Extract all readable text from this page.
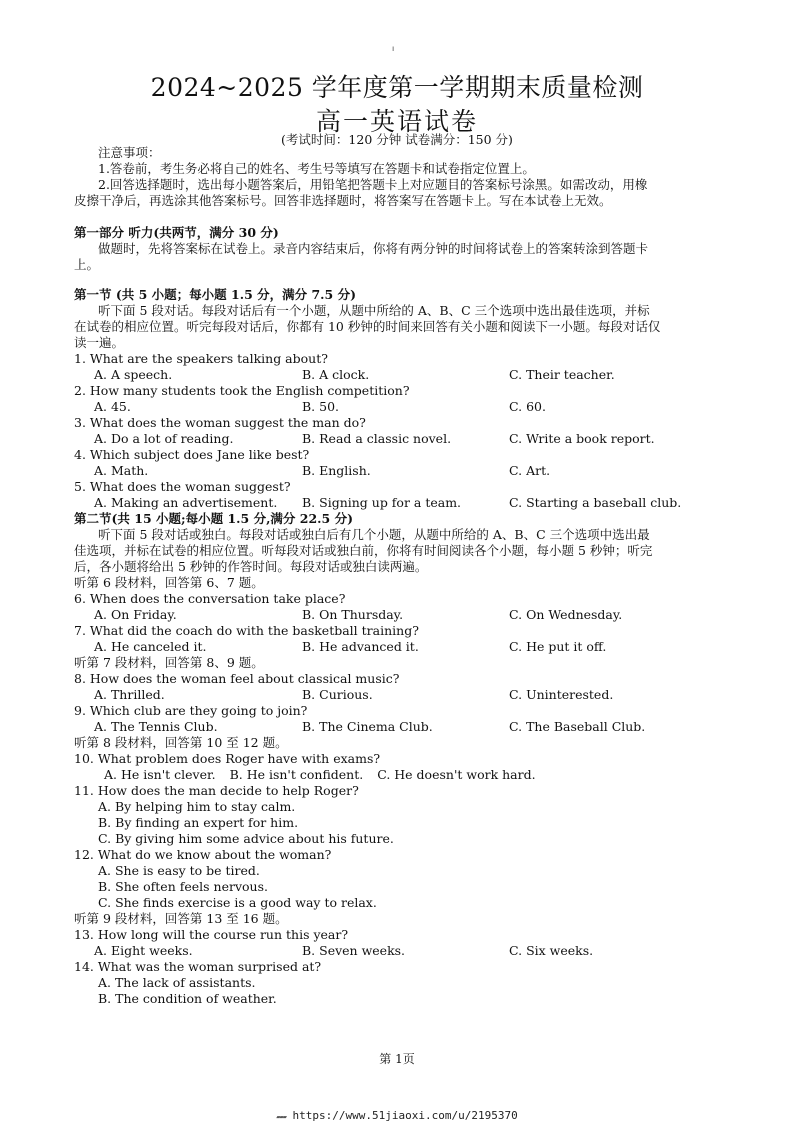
ı
2024~2025 学年度第一学期期末质量检测
高一英语试卷
(考试时间：120 分钟 试卷满分：150 分)
注意事项：
1.答卷前，考生务必将自己的姓名、考生号等填写在答题卡和试卷指定位置上。
2.回答选择题时，选出每小题答案后，用铅笔把答题卡上对应题目的答案标号涂黑。如需改动，用橡
皮擦干净后，再选涂其他答案标号。回答非选择题时，将答案写在答题卡上。写在本试卷上无效。
第一部分 听力(共两节，满分 30 分)
做题时，先将答案标在试卷上。录音内容结束后，你将有两分钟的时间将试卷上的答案转涂到答题卡
上。
第一节 (共 5 小题；每小题 1.5 分，满分 7.5 分)
听下面 5 段对话。每段对话后有一个小题，从题中所给的 A、B、C 三个选项中选出最佳选项，并标
在试卷的相应位置。听完每段对话后，你都有 10 秒钟的时间来回答有关小题和阅读下一小题。每段对话仅
读一遍。
1. What are the speakers talking about?
A. A speech.	B. A clock.	C. Their teacher.
2. How many students took the English competition?
A. 45.	B. 50.	C. 60.
3. What does the woman suggest the man do?
A. Do a lot of reading.	B. Read a classic novel.	C. Write a book report.
4. Which subject does Jane like best?
A. Math.	B. English.	C. Art.
5. What does the woman suggest?
A. Making an advertisement. B. Signing up for a team.	C. Starting a baseball club.
第二节(共 15 小题;每小题 1.5 分,满分 22.5 分)
听下面 5 段对话或独白。每段对话或独白后有几个小题，从题中所给的 A、B、C 三个选项中选出最
佳选项，并标在试卷的相应位置。听每段对话或独白前，你将有时间阅读各个小题，每小题 5 秒钟；听完
后，各小题将给出 5 秒钟的作答时间。每段对话或独白读两遍。
听第 6 段材料，回答第 6、7 题。
6. When does the conversation take place?
A. On Friday.	B. On Thursday.	C. On Wednesday.
7. What did the coach do with the basketball training?
A. He canceled it.	B. He advanced it.	C. He put it off.
听第 7 段材料，回答第 8、9 题。
8. How does the woman feel about classical music?
A. Thrilled.	B. Curious.	C. Uninterested.
9. Which club are they going to join?
A. The Tennis Club.	B. The Cinema Club.	C. The Baseball Club.
听第 8 段材料，回答第 10 至 12 题。
10. What problem does Roger have with exams?
A. He isn't clever. B. He isn't confident. C. He doesn't work hard.
11. How does the man decide to help Roger?
A. By helping him to stay calm.
B. By finding an expert for him.
C. By giving him some advice about his future.
12. What do we know about the woman?
A. She is easy to be tired.
B. She often feels nervous.
C. She finds exercise is a good way to relax.
听第 9 段材料，回答第 13 至 16 题。
13. How long will the course run this year?
A. Eight weeks.	B. Seven weeks.	C. Six weeks.
14. What was the woman surprised at?
A. The lack of assistants.
B. The condition of weather.
第 1页
▰▰▰ https://www.51jiaoxi.com/u/2195370
